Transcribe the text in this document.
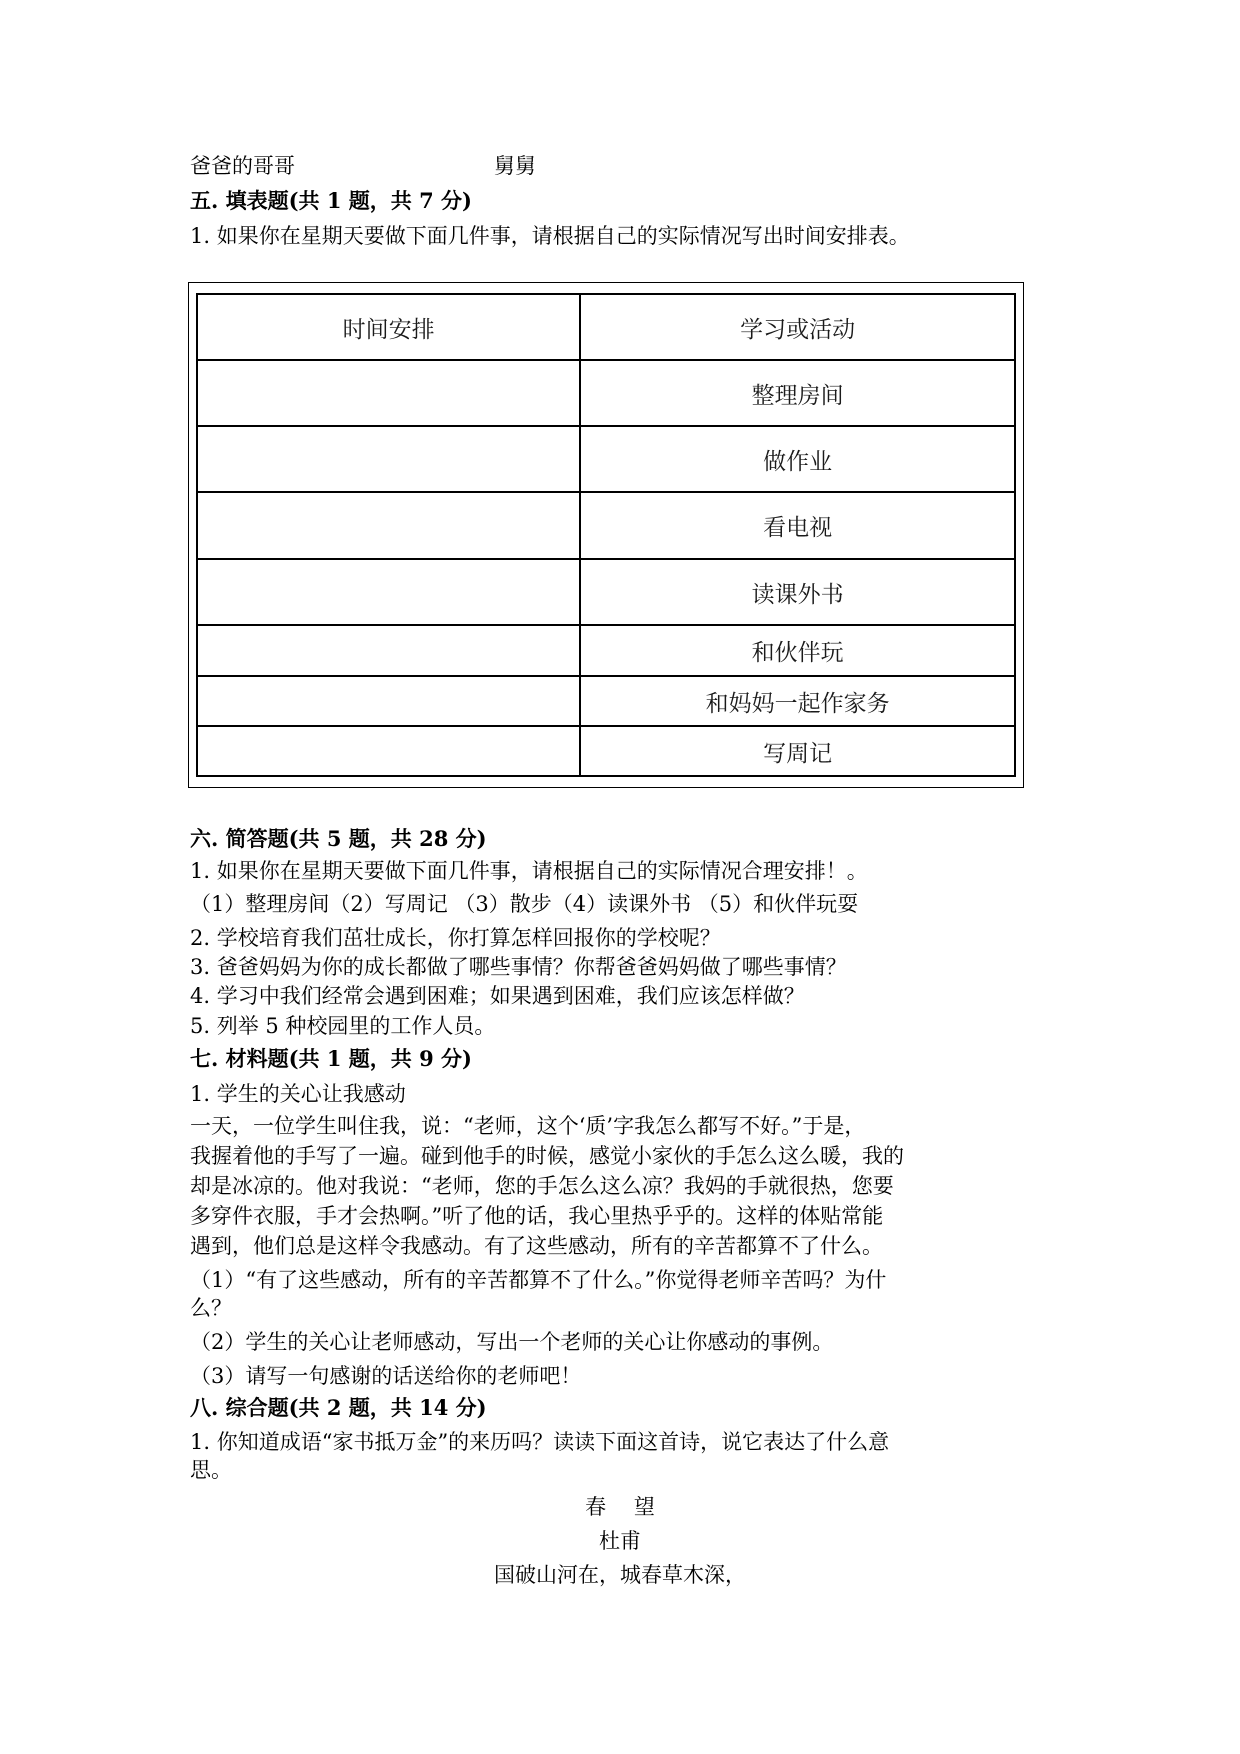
爸爸的哥哥	舅舅
五. 填表题(共 1 题，共 7 分)
1. 如果你在星期天要做下面几件事，请根据自己的实际情况写出时间安排表。
时间安排	学习或活动
	整理房间
	做作业
	看电视
	读课外书
	和伙伴玩
	和妈妈一起作家务
	写周记
六. 简答题(共 5 题，共 28 分)
1. 如果你在星期天要做下面几件事，请根据自己的实际情况合理安排！。
（1）整理房间（2）写周记 （3）散步（4）读课外书 （5）和伙伴玩耍
2. 学校培育我们茁壮成长，你打算怎样回报你的学校呢？
3. 爸爸妈妈为你的成长都做了哪些事情？你帮爸爸妈妈做了哪些事情？
4. 学习中我们经常会遇到困难；如果遇到困难，我们应该怎样做？
5. 列举 5 种校园里的工作人员。
七. 材料题(共 1 题，共 9 分)
1. 学生的关心让我感动
一天，一位学生叫住我，说：“老师，这个‘质’字我怎么都写不好。”于是，
我握着他的手写了一遍。碰到他手的时候，感觉小家伙的手怎么这么暖，我的
却是冰凉的。他对我说：“老师，您的手怎么这么凉？我妈的手就很热，您要
多穿件衣服，手才会热啊。”听了他的话，我心里热乎乎的。这样的体贴常能
遇到，他们总是这样令我感动。有了这些感动，所有的辛苦都算不了什么。
（1）“有了这些感动，所有的辛苦都算不了什么。”你觉得老师辛苦吗？为什
么？
（2）学生的关心让老师感动，写出一个老师的关心让你感动的事例。
（3）请写一句感谢的话送给你的老师吧！
八. 综合题(共 2 题，共 14 分)
1. 你知道成语“家书抵万金”的来历吗？读读下面这首诗，说它表达了什么意
思。
春　 望
杜甫
国破山河在，城春草木深，
